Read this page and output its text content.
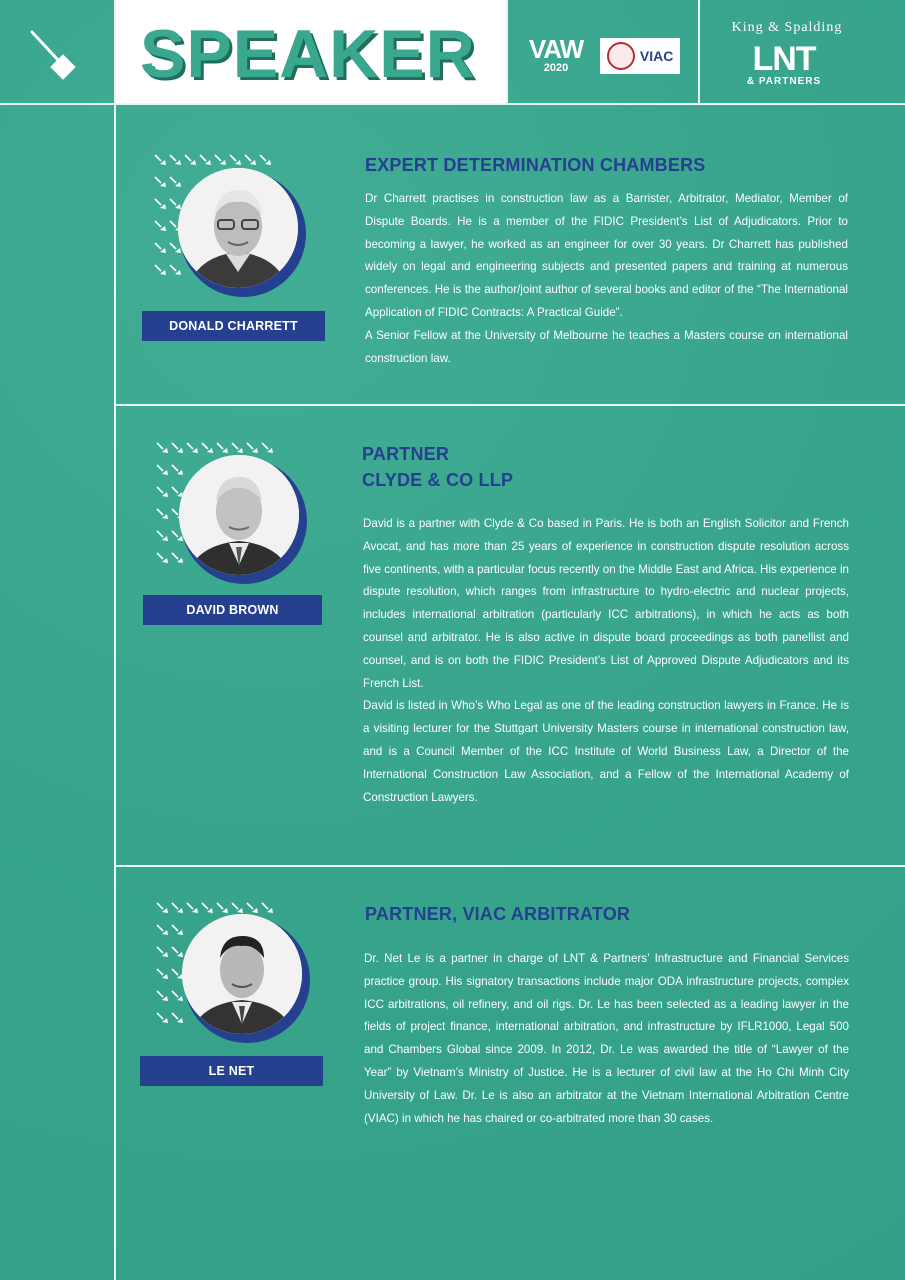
SPEAKER VAW
2020
VIAC
King & Spalding
LNT
& PARTNERS
DONALD CHARRETT
EXPERT DETERMINATION CHAMBERS

Dr Charrett practises in construction law as a Barrister, Arbitrator, Mediator, Member of Dispute Boards. He is a member of the FIDIC President’s List of Adjudicators. Prior to becoming a lawyer, he worked as an engineer for over 30 years. Dr Charrett has published widely on legal and engineering subjects and presented papers and training at numerous conferences. He is the author/joint author of several books and editor of the “The International Application of FIDIC Contracts: A Practical Guide”.

A Senior Fellow at the University of Melbourne he teaches a Masters course on international construction law.

DAVID BROWN
PARTNER
CLYDE & CO LLP

David is a partner with Clyde & Co based in Paris. He is both an English Solicitor and French Avocat, and has more than 25 years of experience in construction dispute resolution across five continents, with a particular focus recently on the Middle East and Africa. His experience in dispute resolution, which ranges from infrastructure to hydro-electric and nuclear projects, includes international arbitration (particularly ICC arbitrations), in which he acts as both counsel and arbitrator. He is also active in dispute board proceedings as both panellist and counsel, and is on both the FIDIC President’s List of Approved Dispute Adjudicators and its French List.

David is listed in Who’s Who Legal as one of the leading construction lawyers in France. He is a visiting lecturer for the Stuttgart University Masters course in international construction law, and is a Council Member of the ICC Institute of World Business Law, a Director of the International Construction Law Association, and a Fellow of the International Academy of Construction Lawyers.

LE NET
PARTNER, VIAC ARBITRATOR

Dr. Net Le is a partner in charge of LNT & Partners’ Infrastructure and Financial Services practice group. His signatory transactions include major ODA infrastructure projects, complex ICC arbitrations, oil refinery, and oil rigs. Dr. Le has been selected as a leading lawyer in the fields of project finance, international arbitration, and infrastructure by IFLR1000, Legal 500 and Chambers Global since 2009. In 2012, Dr. Le was awarded the title of “Lawyer of the Year” by Vietnam’s Ministry of Justice. He is a lecturer of civil law at the Ho Chi Minh City University of Law. Dr. Le is also an arbitrator at the Vietnam International Arbitration Centre (VIAC) in which he has chaired or co-arbitrated more than 30 cases.
